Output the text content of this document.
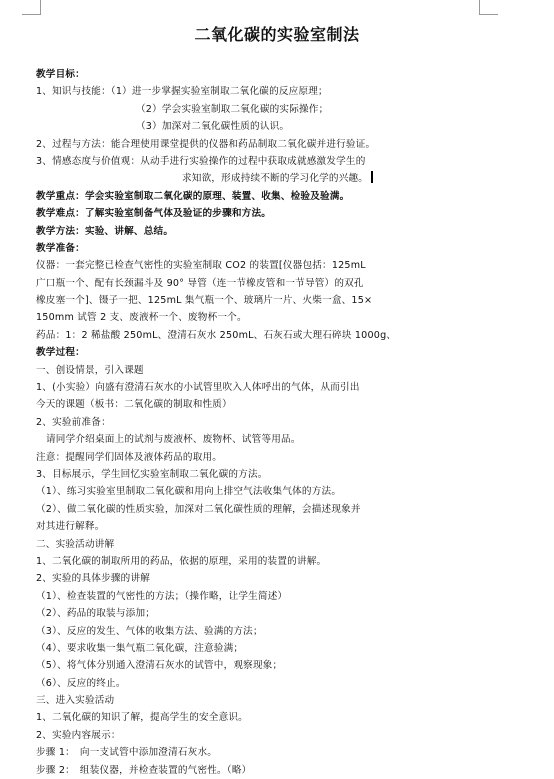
二氧化碳的实验室制法
教学目标：
1、知识与技能：（1）进一步掌握实验室制取二氧化碳的反应原理；
（2）学会实验室制取二氧化碳的实际操作；
（3）加深对二氧化碳性质的认识。
2、过程与方法：能合理使用课堂提供的仪器和药品制取二氧化碳并进行验证。
3、情感态度与价值观：从动手进行实验操作的过程中获取成就感激发学生的
求知欲，形成持续不断的学习化学的兴趣。
教学重点：学会实验室制取二氧化碳的原理、装置、收集、检验及验满。
教学难点：了解实验室制备气体及验证的步骤和方法。
教学方法：实验、讲解、总结。
教学准备：
仪器：一套完整已检查气密性的实验室制取 CO2 的装置[仪器包括：125mL
广口瓶一个、配有长颈漏斗及 90° 导管（连一节橡皮管和一节导管）的双孔
橡皮塞一个]、镊子一把、125mL 集气瓶一个、玻璃片一片、火柴一盒、15×
150mm 试管 2 支、废液杯一个、废物杯一个。
药品：1：2 稀盐酸 250mL、澄清石灰水 250mL、石灰石或大理石碎块 1000g、
教学过程：
一、创设情景，引入课题
1、(小实验）向盛有澄清石灰水的小试管里吹入人体呼出的气体，从而引出
今天的课题（板书：二氧化碳的制取和性质）
2、实验前准备：
请同学介绍桌面上的试剂与废液杯、废物杯、试管等用品。
注意：提醒同学们固体及液体药品的取用。
3、目标展示，学生回忆实验室制取二氧化碳的方法。
（1）、练习实验室里制取二氧化碳和用向上排空气法收集气体的方法。
（2）、做二氧化碳的性质实验，加深对二氧化碳性质的理解，会描述现象并
对其进行解释。
二、实验活动讲解
1、二氧化碳的制取所用的药品，依据的原理，采用的装置的讲解。
2、实验的具体步骤的讲解
（1）、检查装置的气密性的方法；（操作略，让学生简述）
（2）、药品的取装与添加；
（3）、反应的发生、气体的收集方法、验满的方法；
（4）、要求收集一集气瓶二氧化碳，注意验满；
（5）、将气体分别通入澄清石灰水的试管中，观察现象；
（6）、反应的终止。
三、进入实验活动
1、二氧化碳的知识了解，提高学生的安全意识。
2、实验内容展示：
步骤 1：　向一支试管中添加澄清石灰水。
步骤 2：　组装仪器，并检查装置的气密性。（略）
